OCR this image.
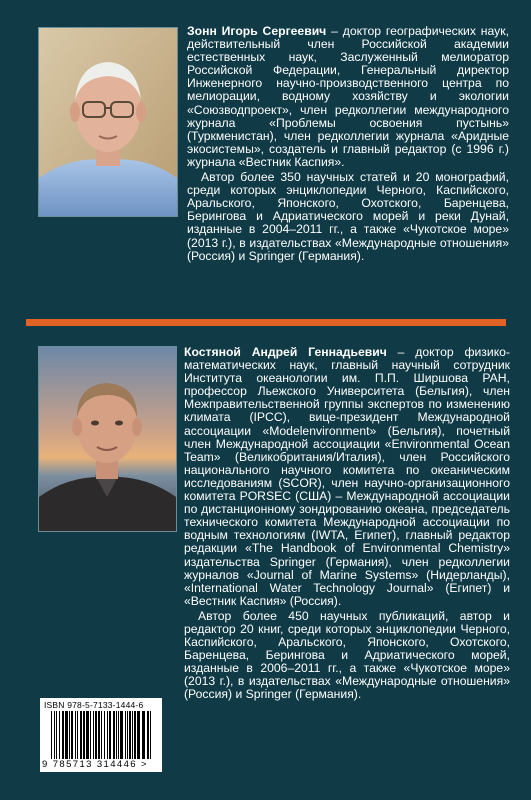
Зонн Игорь Сергеевич – доктор географических наук, действительный член Российской академии естественных наук, Заслуженный мелиоратор Российской Федерации, Генеральный директор Инженерного научно-производственного центра по мелиорации, водному хозяйству и экологии «Союзводпроект», член редколлегии международного журнала «Проблемы освоения пустынь» (Туркменистан), член редколлегии журнала «Аридные экосистемы», создатель и главный редактор (с 1996 г.) журнала «Вестник Каспия».

Автор более 350 научных статей и 20 монографий, среди которых энциклопедии Черного, Каспийского, Аральского, Японского, Охотского, Баренцева, Берингова и Адриатического морей и реки Дунай, изданные в 2004–2011 гг., а также «Чукотское море» (2013 г.), в издательствах «Международные отношения» (Россия) и Springer (Германия).

Костяной Андрей Геннадьевич – доктор физико-математических наук, главный научный сотрудник Института океанологии им. П.П. Ширшова РАН, профессор Льежского Университета (Бельгия), член Межправительственной группы экспертов по изменению климата (IPCC), вице-президент Международной ассоциации «Modelenvironment» (Бельгия), почетный член Международной ассоциации «Environmental Ocean Team» (Великобритания/Италия), член Российского национального научного комитета по океаническим исследованиям (SCOR), член научно-организационного комитета PORSEC (США) – Международной ассоциации по дистанционному зондированию океана, председатель технического комитета Международной ассоциации по водным технологиям (IWTA, Египет), главный редактор редакции «The Handbook of Environmental Chemistry» издательства Springer (Германия), член редколлегии журналов «Journal of Marine Systems» (Нидерланды), «International Water Technology Journal» (Египет) и «Вестник Каспия» (Россия).

Автор более 450 научных публикаций, автор и редактор 20 книг, среди которых энциклопедии Черного, Каспийского, Аральского, Японского, Охотского, Баренцева, Берингова и Адриатического морей, изданные в 2006–2011 гг., а также «Чукотское море» (2013 г.), в издательствах «Международные отношения» (Россия) и Springer (Германия).

ISBN 978-5-7133-1444-6
9 785713 314446 >
